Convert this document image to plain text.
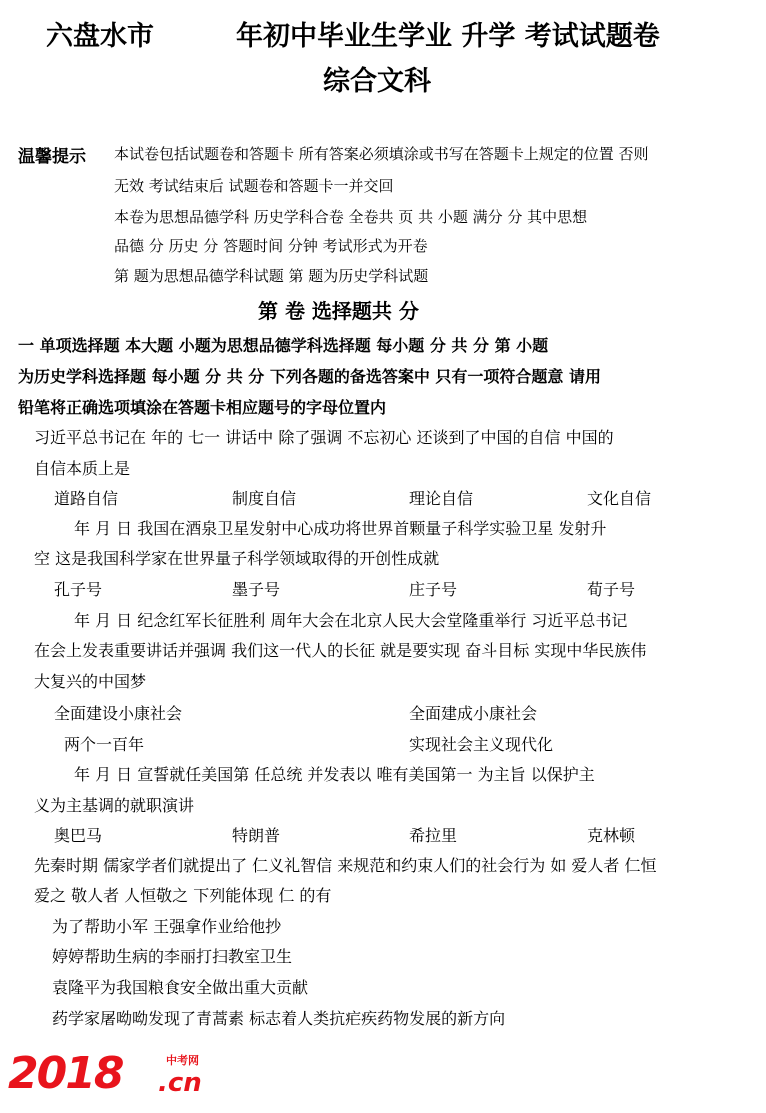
六盘水市	年初中毕业生学业 升学 考试试题卷
综合文科
温馨提示 本试卷包括试题卷和答题卡 所有答案必须填涂或书写在答题卡上规定的位置 否则
无效 考试结束后 试题卷和答题卡一并交回
本卷为思想品德学科 历史学科合卷 全卷共 页 共 小题 满分 分 其中思想
品德 分 历史 分 答题时间 分钟 考试形式为开卷
第 题为思想品德学科试题 第 题为历史学科试题
第 卷 选择题共 分
一 单项选择题 本大题 小题为思想品德学科选择题 每小题 分 共 分 第 小题
为历史学科选择题 每小题 分 共 分 下列各题的备选答案中 只有一项符合题意 请用
铅笔将正确选项填涂在答题卡相应题号的字母位置内
习近平总书记在 年的 七一 讲话中 除了强调 不忘初心 还谈到了中国的自信 中国的
自信本质上是
道路自信	制度自信	理论自信	文化自信
年 月 日 我国在酒泉卫星发射中心成功将世界首颗量子科学实验卫星 发射升
空 这是我国科学家在世界量子科学领域取得的开创性成就
孔子号	墨子号	庄子号	荀子号
年 月 日 纪念红军长征胜利 周年大会在北京人民大会堂隆重举行 习近平总书记
在会上发表重要讲话并强调 我们这一代人的长征 就是要实现 奋斗目标 实现中华民族伟
大复兴的中国梦
全面建设小康社会	全面建成小康社会
两个一百年	实现社会主义现代化
年 月 日 宣誓就任美国第 任总统 并发表以 唯有美国第一 为主旨 以保护主
义为主基调的就职演讲
奥巴马	特朗普	希拉里	克林顿
先秦时期 儒家学者们就提出了 仁义礼智信 来规范和约束人们的社会行为 如 爱人者 仁恒
爱之 敬人者 人恒敬之 下列能体现 仁 的有
为了帮助小军 王强拿作业给他抄
婷婷帮助生病的李丽打扫教室卫生
袁隆平为我国粮食安全做出重大贡献
药学家屠呦呦发现了青蒿素 标志着人类抗疟疾药物发展的新方向
2018	中考网
.cn
